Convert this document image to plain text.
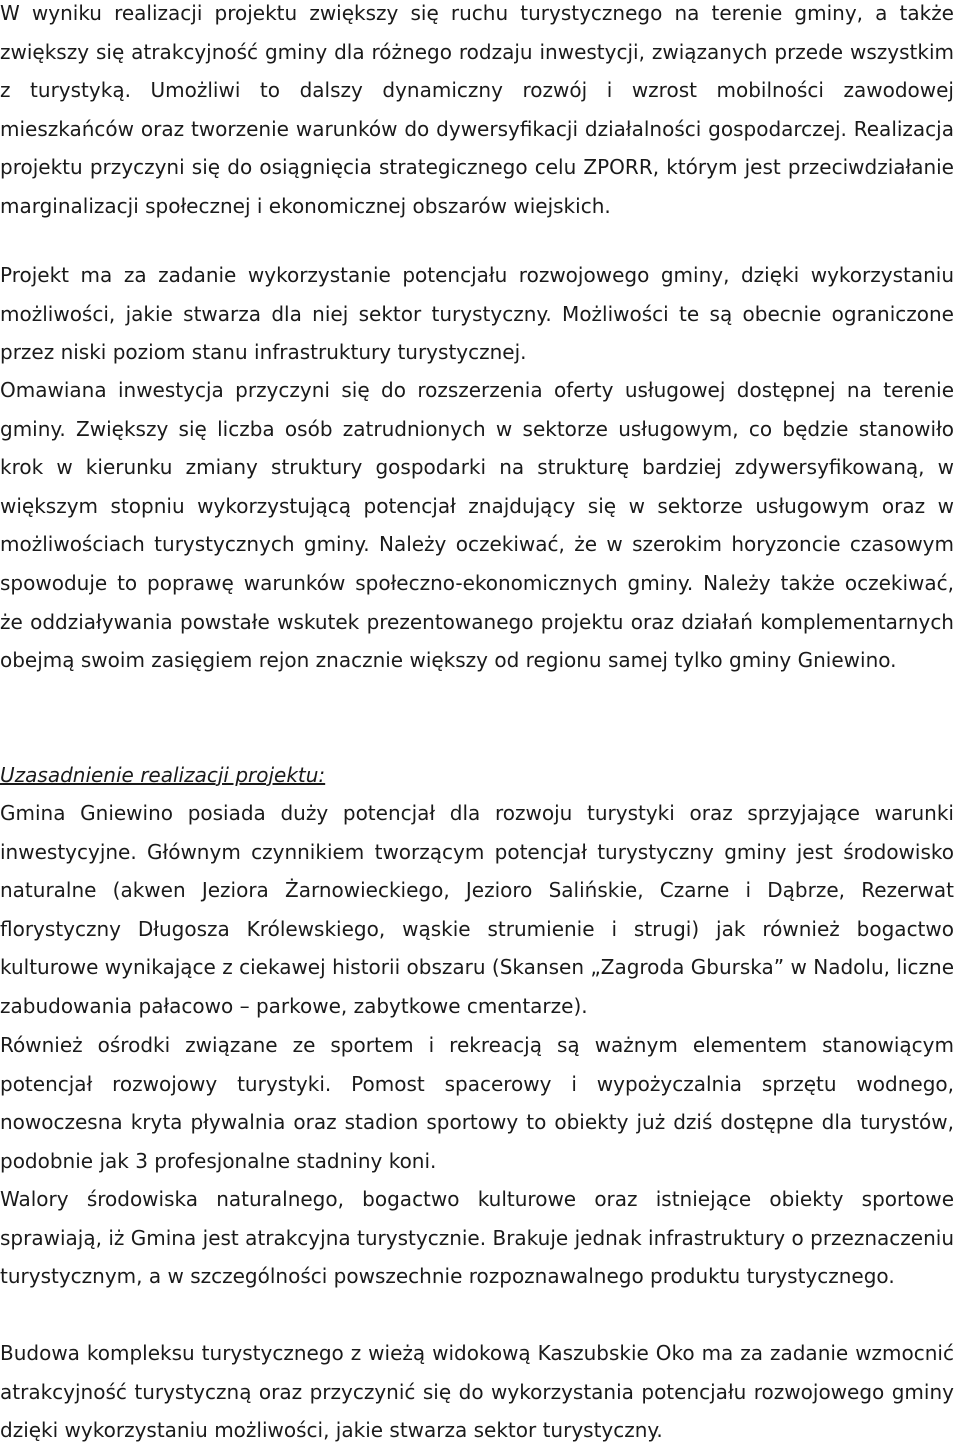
W wyniku realizacji projektu zwiększy się ruchu turystycznego na terenie gminy, a także zwiększy się atrakcyjność gminy dla różnego rodzaju inwestycji, związanych przede wszystkim z turystyką. Umożliwi to dalszy dynamiczny rozwój i wzrost mobilności zawodowej mieszkańców oraz tworzenie warunków do dywersyfikacji działalności gospodarczej. Realizacja projektu przyczyni się do osiągnięcia strategicznego celu ZPORR, którym jest przeciwdziałanie marginalizacji społecznej i ekonomicznej obszarów wiejskich.

Projekt ma za zadanie wykorzystanie potencjału rozwojowego gminy, dzięki wykorzystaniu możliwości, jakie stwarza dla niej sektor turystyczny. Możliwości te są obecnie ograniczone przez niski poziom stanu infrastruktury turystycznej.

Omawiana inwestycja przyczyni się do rozszerzenia oferty usługowej dostępnej na terenie gminy. Zwiększy się liczba osób zatrudnionych w sektorze usługowym, co będzie stanowiło krok w kierunku zmiany struktury gospodarki na strukturę bardziej zdywersyfikowaną, w większym stopniu wykorzystującą potencjał znajdujący się w sektorze usługowym oraz w możliwościach turystycznych gminy. Należy oczekiwać, że w szerokim horyzoncie czasowym spowoduje to poprawę warunków społeczno-ekonomicznych gminy. Należy także oczekiwać, że oddziaływania powstałe wskutek prezentowanego projektu oraz działań komplementarnych obejmą swoim zasięgiem rejon znacznie większy od regionu samej tylko gminy Gniewino.

Uzasadnienie realizacji projektu:

Gmina Gniewino posiada duży potencjał dla rozwoju turystyki oraz sprzyjające warunki inwestycyjne. Głównym czynnikiem tworzącym potencjał turystyczny gminy jest środowisko naturalne (akwen Jeziora Żarnowieckiego, Jezioro Salińskie, Czarne i Dąbrze, Rezerwat florystyczny Długosza Królewskiego, wąskie strumienie i strugi) jak również bogactwo kulturowe wynikające z ciekawej historii obszaru (Skansen „Zagroda Gburska” w Nadolu, liczne zabudowania pałacowo – parkowe, zabytkowe cmentarze).

Również ośrodki związane ze sportem i rekreacją są ważnym elementem stanowiącym potencjał rozwojowy turystyki. Pomost spacerowy i wypożyczalnia sprzętu wodnego, nowoczesna kryta pływalnia oraz stadion sportowy to obiekty już dziś dostępne dla turystów, podobnie jak 3 profesjonalne stadniny koni.

Walory środowiska naturalnego, bogactwo kulturowe oraz istniejące obiekty sportowe sprawiają, iż Gmina jest atrakcyjna turystycznie. Brakuje jednak infrastruktury o przeznaczeniu turystycznym, a w szczególności powszechnie rozpoznawalnego produktu turystycznego.

Budowa kompleksu turystycznego z wieżą widokową Kaszubskie Oko ma za zadanie wzmocnić atrakcyjność turystyczną oraz przyczynić się do wykorzystania potencjału rozwojowego gminy dzięki wykorzystaniu możliwości, jakie stwarza sektor turystyczny.
